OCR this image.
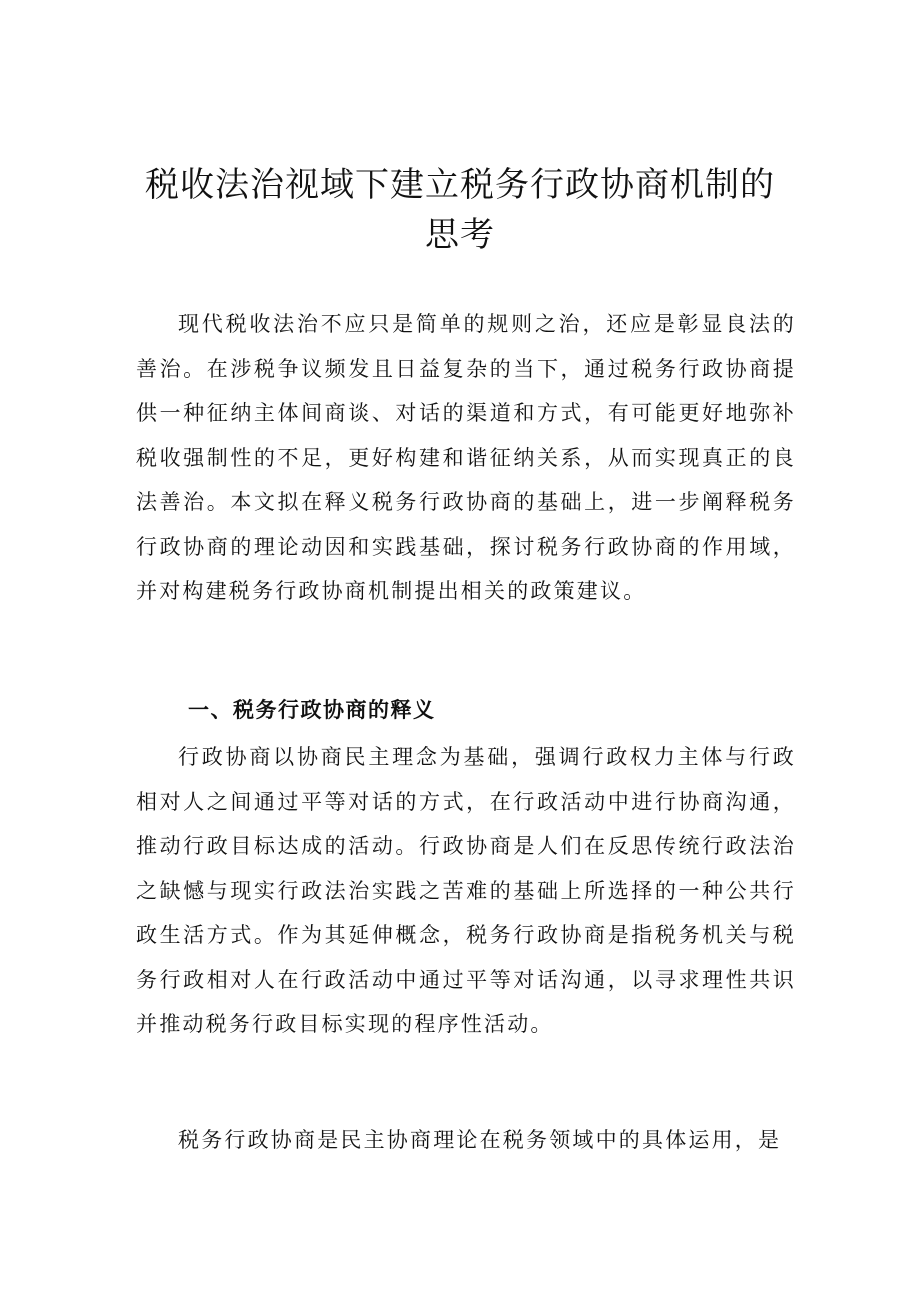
税收法治视域下建立税务行政协商机制的
思考

现代税收法治不应只是简单的规则之治，还应是彰显良法的善治。在涉税争议频发且日益复杂的当下，通过税务行政协商提供一种征纳主体间商谈、对话的渠道和方式，有可能更好地弥补税收强制性的不足，更好构建和谐征纳关系，从而实现真正的良法善治。本文拟在释义税务行政协商的基础上，进一步阐释税务行政协商的理论动因和实践基础，探讨税务行政协商的作用域，并对构建税务行政协商机制提出相关的政策建议。

一、税务行政协商的释义

行政协商以协商民主理念为基础，强调行政权力主体与行政相对人之间通过平等对话的方式，在行政活动中进行协商沟通，推动行政目标达成的活动。行政协商是人们在反思传统行政法治之缺憾与现实行政法治实践之苦难的基础上所选择的一种公共行政生活方式。作为其延伸概念，税务行政协商是指税务机关与税务行政相对人在行政活动中通过平等对话沟通，以寻求理性共识并推动税务行政目标实现的程序性活动。

税务行政协商是民主协商理论在税务领域中的具体运用，是
